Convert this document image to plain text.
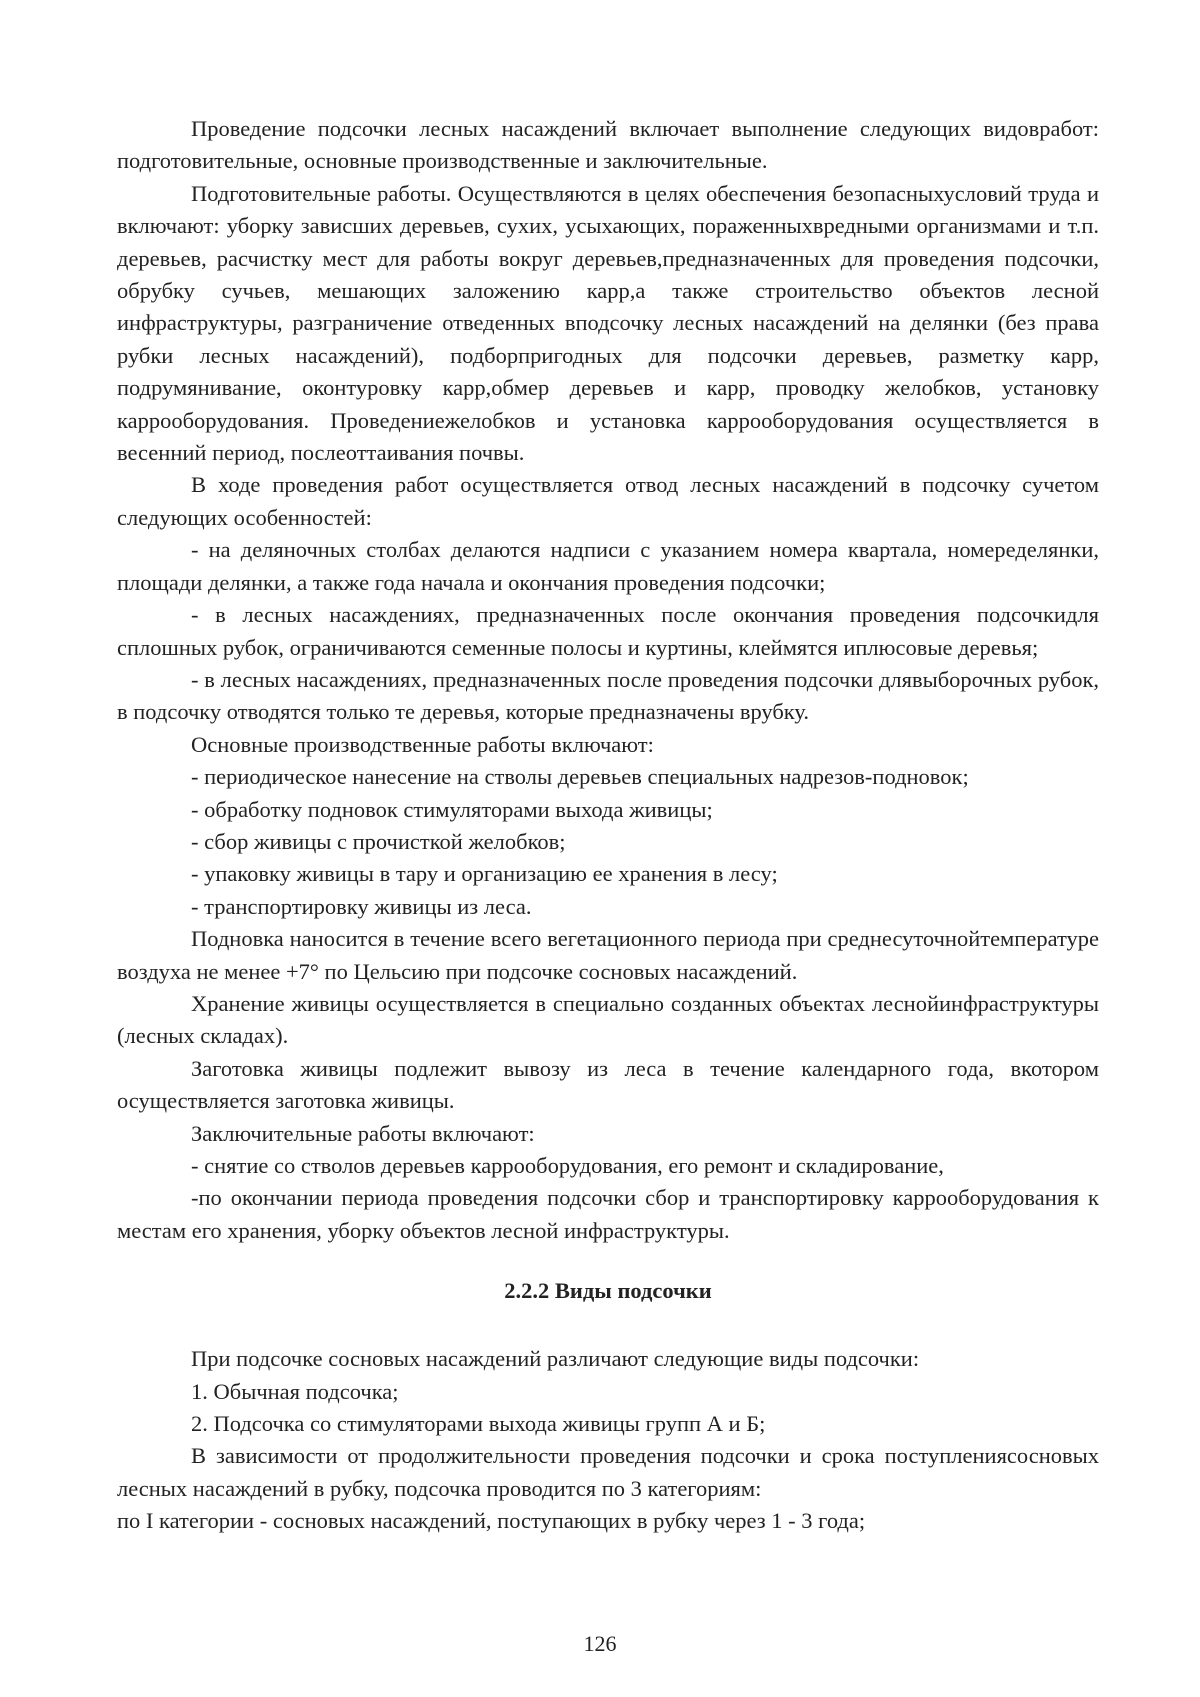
Проведение подсочки лесных насаждений включает выполнение следующих видовработ: подготовительные, основные производственные и заключительные.

Подготовительные работы. Осуществляются в целях обеспечения безопасныхусловий труда и включают: уборку зависших деревьев, сухих, усыхающих, пораженныхвредными организмами и т.п. деревьев, расчистку мест для работы вокруг деревьев,предназначенных для проведения подсочки, обрубку сучьев, мешающих заложению карр,а также строительство объектов лесной инфраструктуры, разграничение отведенных вподсочку лесных насаждений на делянки (без права рубки лесных насаждений), подборпригодных для подсочки деревьев, разметку карр, подрумянивание, оконтуровку карр,обмер деревьев и карр, проводку желобков, установку каррооборудования. Проведениежелобков и установка каррооборудования осуществляется в весенний период, послеоттаивания почвы.

В ходе проведения работ осуществляется отвод лесных насаждений в подсочку сучетом следующих особенностей:

- на деляночных столбах делаются надписи с указанием номера квартала, номеределянки, площади делянки, а также года начала и окончания проведения подсочки;

- в лесных насаждениях, предназначенных после окончания проведения подсочкидля сплошных рубок, ограничиваются семенные полосы и куртины, клеймятся иплюсовые деревья;

- в лесных насаждениях, предназначенных после проведения подсочки длявыборочных рубок, в подсочку отводятся только те деревья, которые предназначены врубку.

Основные производственные работы включают:

- периодическое нанесение на стволы деревьев специальных надрезов-подновок;

- обработку подновок стимуляторами выхода живицы;

- сбор живицы с прочисткой желобков;

- упаковку живицы в тару и организацию ее хранения в лесу;

- транспортировку живицы из леса.

Подновка наносится в течение всего вегетационного периода при среднесуточнойтемпературе воздуха не менее +7° по Цельсию при подсочке сосновых насаждений.

Хранение живицы осуществляется в специально созданных объектах леснойинфраструктуры (лесных складах).

Заготовка живицы подлежит вывозу из леса в течение календарного года, вкотором осуществляется заготовка живицы.

Заключительные работы включают:

- снятие со стволов деревьев каррооборудования, его ремонт и складирование,

-по окончании периода проведения подсочки сбор и транспортировку каррооборудования к местам его хранения, уборку объектов лесной инфраструктуры.

2.2.2 Виды подсочки

При подсочке сосновых насаждений различают следующие виды подсочки:

1. Обычная подсочка;

2. Подсочка со стимуляторами выхода живицы групп А и Б;

В зависимости от продолжительности проведения подсочки и срока поступлениясосновых лесных насаждений в рубку, подсочка проводится по 3 категориям:

по I категории - сосновых насаждений, поступающих в рубку через 1 - 3 года;

126
